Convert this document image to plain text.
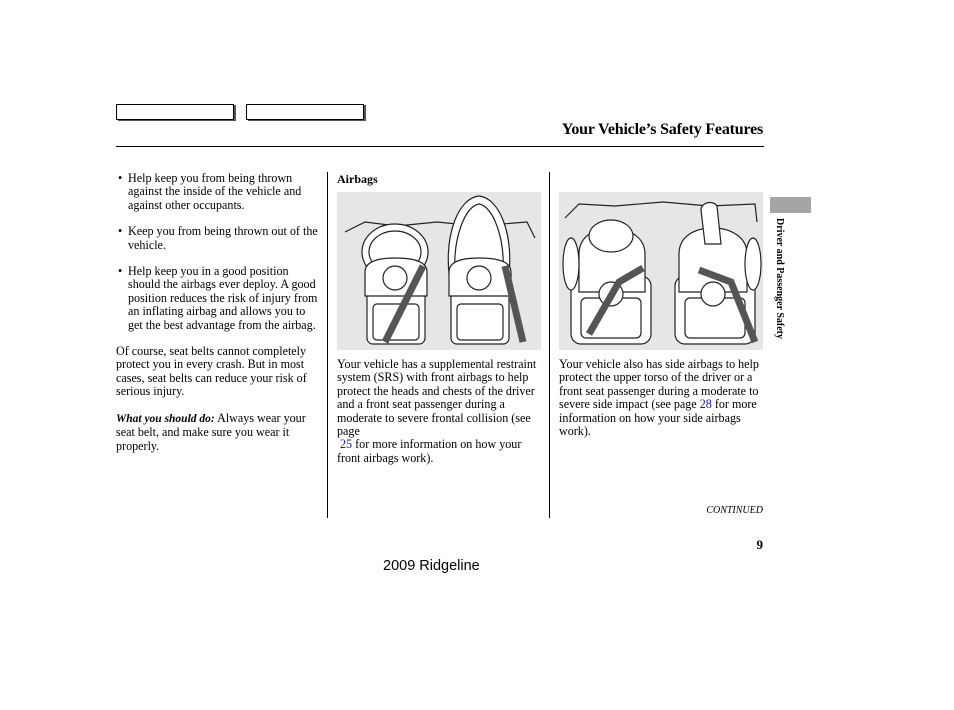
Your Vehicle’s Safety Features
• Help keep you from being thrown against the inside of the vehicle and against other occupants.
• Keep you from being thrown out of the vehicle.
• Help keep you in a good position should the airbags ever deploy. A good position reduces the risk of injury from an inflating airbag and allows you to get the best advantage from the airbag.

Of course, seat belts cannot completely protect you in every crash. But in most cases, seat belts can reduce your risk of serious injury.

What you should do: Always wear your seat belt, and make sure you wear it properly.

Airbags
Your vehicle has a supplemental restraint system (SRS) with front airbags to help protect the heads and chests of the driver and a front seat passenger during a moderate to severe frontal collision (see page
25 for more information on how your front airbags work).
Your vehicle also has side airbags to help protect the upper torso of the driver or a front seat passenger during a moderate to severe side impact (see page 28 for more information on how your side airbags work).
CONTINUED
9
2009 Ridgeline
Driver and Passenger Safety
